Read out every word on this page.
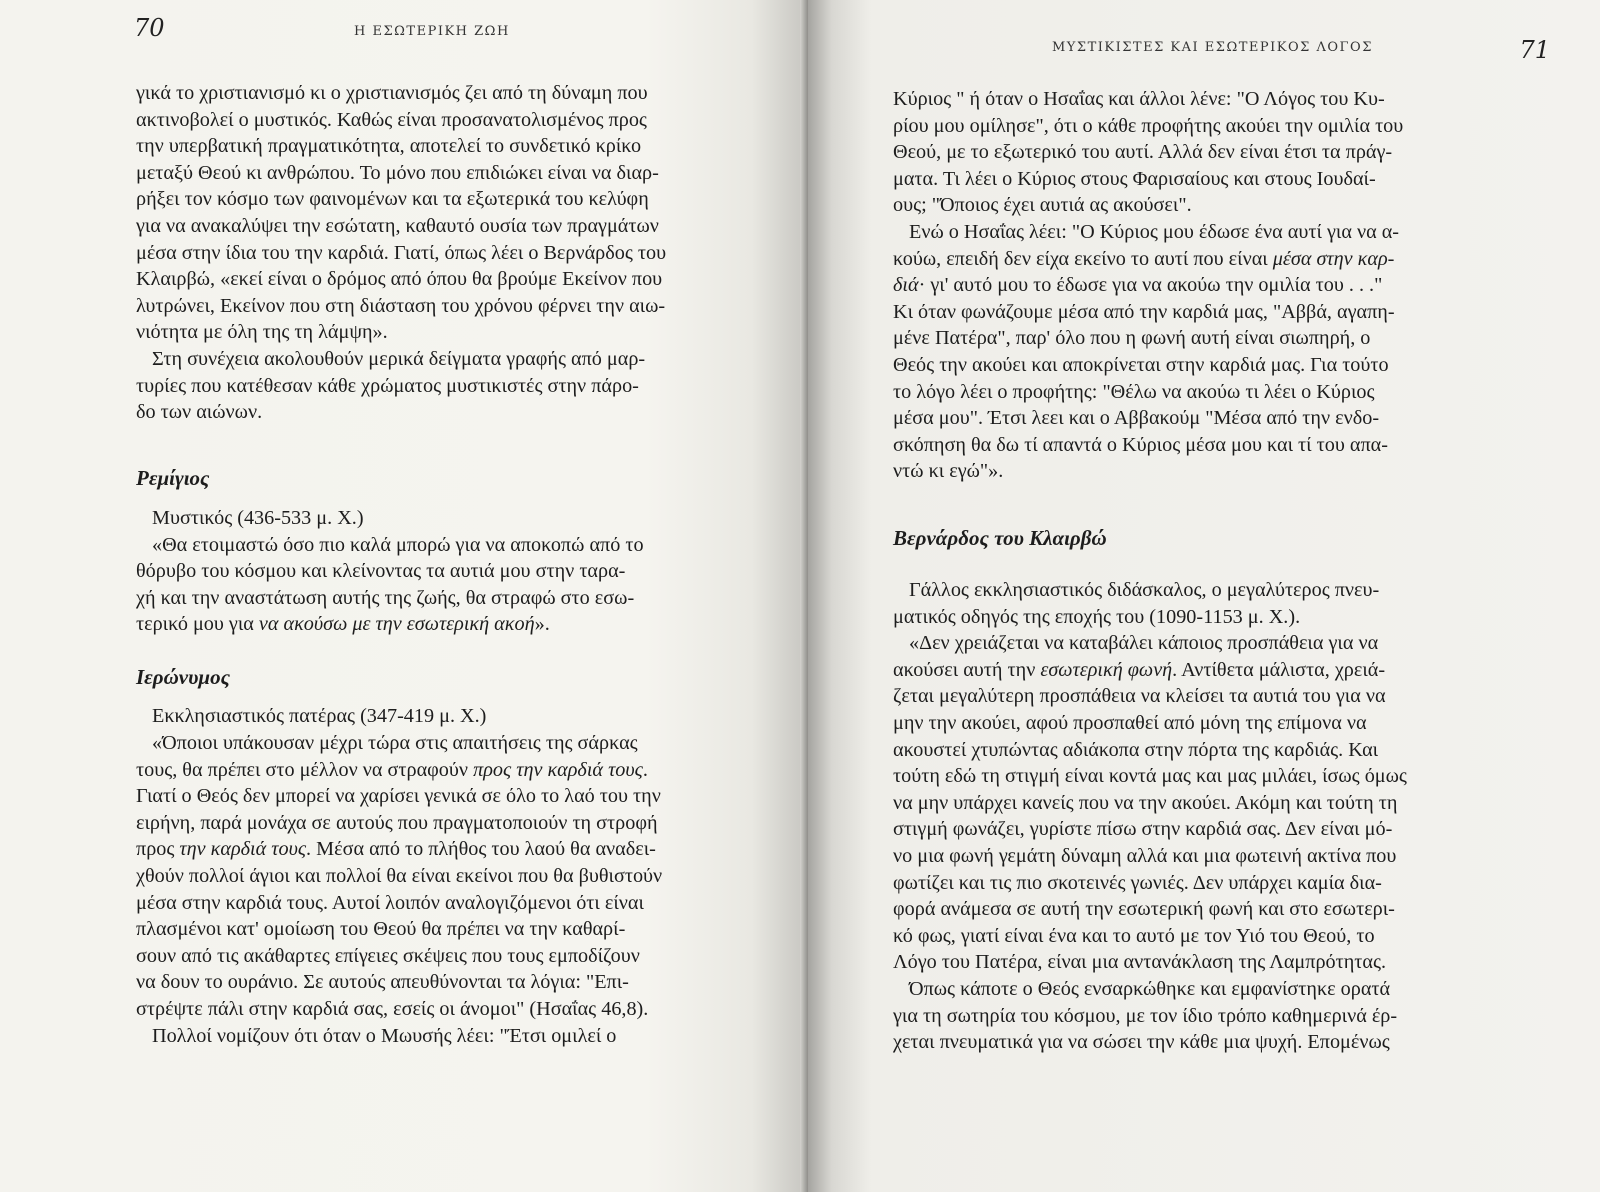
70	Η ΕΣΩΤΕΡΙΚΗ ΖΩΗ
γικά το χριστιανισμό κι ο χριστιανισμός ζει από τη δύναμη που
ακτινοβολεί ο μυστικός. Καθώς είναι προσανατολισμένος προς
την υπερβατική πραγματικότητα, αποτελεί το συνδετικό κρίκο
μεταξύ Θεού κι ανθρώπου. Το μόνο που επιδιώκει είναι να διαρ-
ρήξει τον κόσμο των φαινομένων και τα εξωτερικά του κελύφη
για να ανακαλύψει την εσώτατη, καθαυτό ουσία των πραγμάτων
μέσα στην ίδια του την καρδιά. Γιατί, όπως λέει ο Βερνάρδος του
Κλαιρβώ, «εκεί είναι ο δρόμος από όπου θα βρούμε Εκείνον που
λυτρώνει, Εκείνον που στη διάσταση του χρόνου φέρνει την αιω-
νιότητα με όλη της τη λάμψη».
Στη συνέχεια ακολουθούν μερικά δείγματα γραφής από μαρ-
τυρίες που κατέθεσαν κάθε χρώματος μυστικιστές στην πάρο-
δο των αιώνων.
Ρεμίγιος
Μυστικός (436-533 μ. Χ.)
«Θα ετοιμαστώ όσο πιο καλά μπορώ για να αποκοπώ από το
θόρυβο του κόσμου και κλείνοντας τα αυτιά μου στην ταρα-
χή και την αναστάτωση αυτής της ζωής, θα στραφώ στο εσω-
τερικό μου για να ακούσω με την εσωτερική ακοή».
Ιερώνυμος
Εκκλησιαστικός πατέρας (347-419 μ. Χ.)
«Όποιοι υπάκουσαν μέχρι τώρα στις απαιτήσεις της σάρκας
τους, θα πρέπει στο μέλλον να στραφούν προς την καρδιά τους.
Γιατί ο Θεός δεν μπορεί να χαρίσει γενικά σε όλο το λαό του την
ειρήνη, παρά μονάχα σε αυτούς που πραγματοποιούν τη στροφή
προς την καρδιά τους. Μέσα από το πλήθος του λαού θα αναδει-
χθούν πολλοί άγιοι και πολλοί θα είναι εκείνοι που θα βυθιστούν
μέσα στην καρδιά τους. Αυτοί λοιπόν αναλογιζόμενοι ότι είναι
πλασμένοι κατ' ομοίωση του Θεού θα πρέπει να την καθαρί-
σουν από τις ακάθαρτες επίγειες σκέψεις που τους εμποδίζουν
να δουν το ουράνιο. Σε αυτούς απευθύνονται τα λόγια: "Επι-
στρέψτε πάλι στην καρδιά σας, εσείς οι άνομοι" (Ησαΐας 46,8).
Πολλοί νομίζουν ότι όταν ο Μωυσής λέει: "Έτσι ομιλεί ο
ΜΥΣΤΙΚΙΣΤΕΣ ΚΑΙ ΕΣΩΤΕΡΙΚΟΣ ΛΟΓΟΣ	71
Κύριος " ή όταν ο Ησαΐας και άλλοι λένε: "Ο Λόγος του Κυ-
ρίου μου ομίλησε", ότι ο κάθε προφήτης ακούει την ομιλία του
Θεού, με το εξωτερικό του αυτί. Αλλά δεν είναι έτσι τα πράγ-
ματα. Τι λέει ο Κύριος στους Φαρισαίους και στους Ιουδαί-
ους; "Όποιος έχει αυτιά ας ακούσει".
Ενώ ο Ησαΐας λέει: "Ο Κύριος μου έδωσε ένα αυτί για να α-
κούω, επειδή δεν είχα εκείνο το αυτί που είναι μέσα στην καρ-
διά· γι' αυτό μου το έδωσε για να ακούω την ομιλία του . . ."
Κι όταν φωνάζουμε μέσα από την καρδιά μας, "Αββά, αγαπη-
μένε Πατέρα", παρ' όλο που η φωνή αυτή είναι σιωπηρή, ο
Θεός την ακούει και αποκρίνεται στην καρδιά μας. Για τούτο
το λόγο λέει ο προφήτης: "Θέλω να ακούω τι λέει ο Κύριος
μέσα μου". Έτσι λεει και ο Αββακούμ "Μέσα από την ενδο-
σκόπηση θα δω τί απαντά ο Κύριος μέσα μου και τί του απα-
ντώ κι εγώ"».
Βερνάρδος του Κλαιρβώ
Γάλλος εκκλησιαστικός διδάσκαλος, ο μεγαλύτερος πνευ-
ματικός οδηγός της εποχής του (1090-1153 μ. Χ.).
«Δεν χρειάζεται να καταβάλει κάποιος προσπάθεια για να
ακούσει αυτή την εσωτερική φωνή. Αντίθετα μάλιστα, χρειά-
ζεται μεγαλύτερη προσπάθεια να κλείσει τα αυτιά του για να
μην την ακούει, αφού προσπαθεί από μόνη της επίμονα να
ακουστεί χτυπώντας αδιάκοπα στην πόρτα της καρδιάς. Και
τούτη εδώ τη στιγμή είναι κοντά μας και μας μιλάει, ίσως όμως
να μην υπάρχει κανείς που να την ακούει. Ακόμη και τούτη τη
στιγμή φωνάζει, γυρίστε πίσω στην καρδιά σας. Δεν είναι μό-
νο μια φωνή γεμάτη δύναμη αλλά και μια φωτεινή ακτίνα που
φωτίζει και τις πιο σκοτεινές γωνιές. Δεν υπάρχει καμία δια-
φορά ανάμεσα σε αυτή την εσωτερική φωνή και στο εσωτερι-
κό φως, γιατί είναι ένα και το αυτό με τον Υιό του Θεού, το
Λόγο του Πατέρα, είναι μια αντανάκλαση της Λαμπρότητας.
Όπως κάποτε ο Θεός ενσαρκώθηκε και εμφανίστηκε ορατά
για τη σωτηρία του κόσμου, με τον ίδιο τρόπο καθημερινά έρ-
χεται πνευματικά για να σώσει την κάθε μια ψυχή. Επομένως
